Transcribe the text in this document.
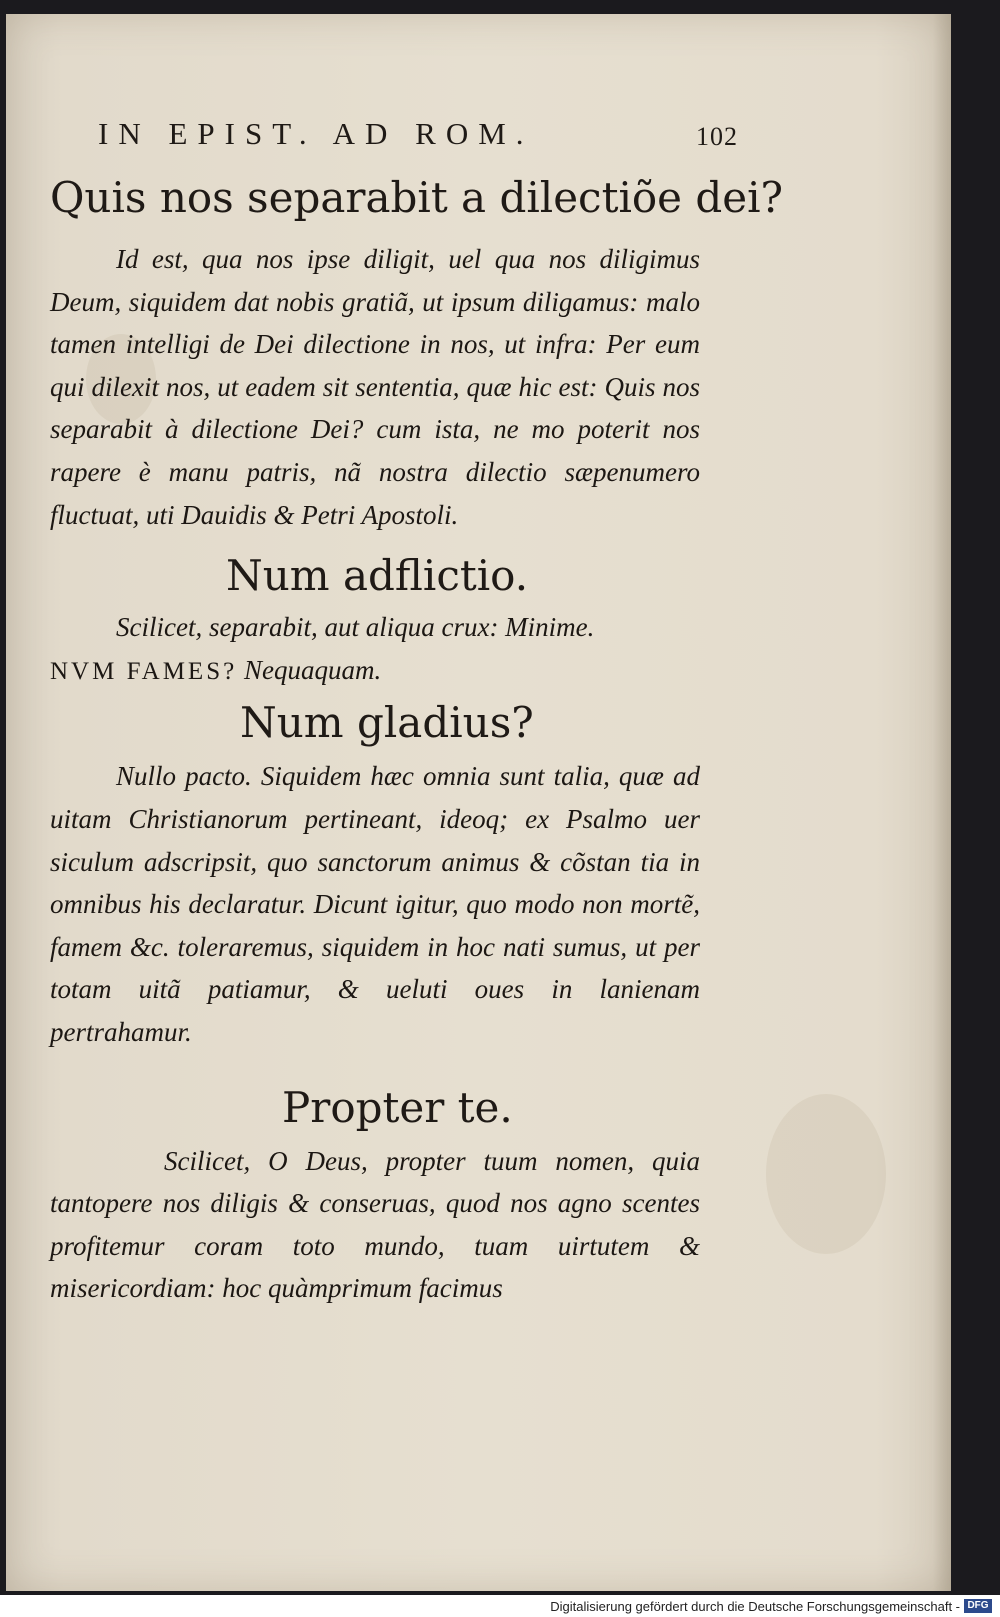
IN EPIST. AD ROM.	102

Quis nos separabit a dilectiõe dei?

Id est, qua nos ipse diligit, uel qua nos diligimus Deum, siquidem dat nobis gratiã, ut ipsum diligamus: malo tamen intelligi de Dei dilectione in nos, ut infra: Per eum qui dilexit nos, ut eadem sit sententia, quæ hic est: Quis nos separabit à dilectione Dei? cum ista, ne mo poterit nos rapere è manu patris, nã nostra dilectio sæpenumero fluctuat, uti Dauidis & Petri Apostoli.

Num adflictio.

Scilicet, separabit, aut aliqua crux: Minime.

NVM FAMES? Nequaquam.

Num gladius?

Nullo pacto. Siquidem hæc omnia sunt talia, quæ ad uitam Christianorum pertineant, ideoq; ex Psalmo uer siculum adscripsit, quo sanctorum animus & cõstan tia in omnibus his declaratur. Dicunt igitur, quo modo non mortẽ, famem &c. toleraremus, siquidem in hoc nati sumus, ut per totam uitã patiamur, & ueluti oues in lanienam pertrahamur.

Propter te.

Scilicet, O Deus, propter tuum nomen, quia tantopere nos diligis & conseruas, quod nos agno scentes profitemur coram toto mundo, tuam uirtutem & misericordiam: hoc quàmprimum facimus

Digitalisierung gefördert durch die Deutsche Forschungsgemeinschaft - DFG
